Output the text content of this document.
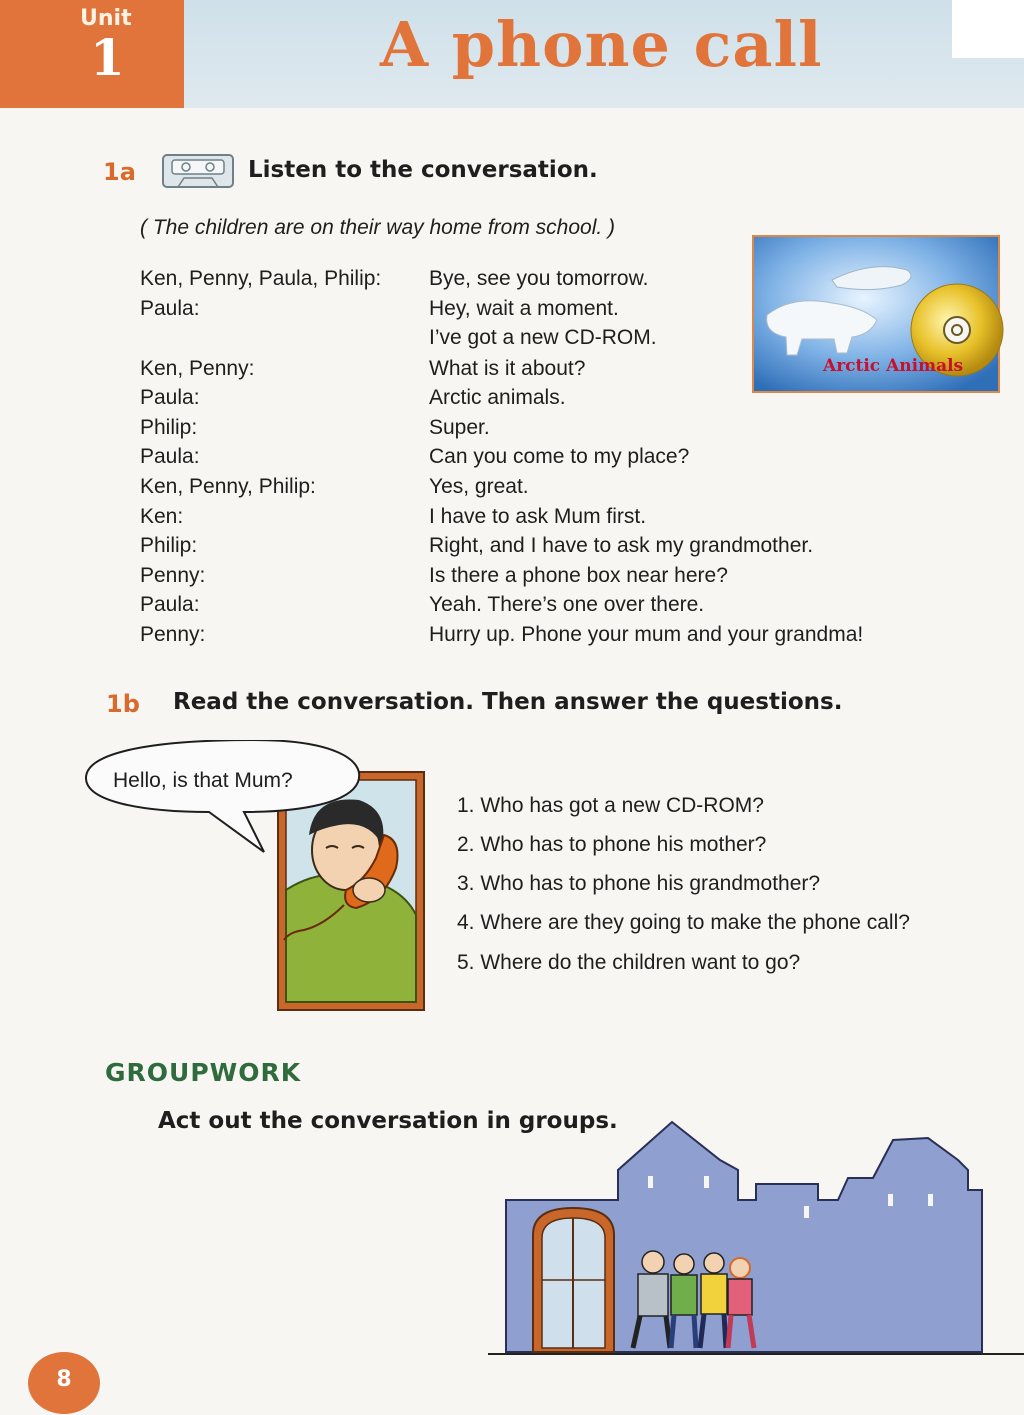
Unit
1	A phone call
1a	Listen to the conversation.
( The children are on their way home from school. )
Arctic Animals
Ken, Penny, Paula, Philip: Bye, see you tomorrow.
Paula:	Hey, wait a moment.
I’ve got a new CD-ROM.
Ken, Penny:	What is it about?
Paula:	Arctic animals.
Philip:	Super.
Paula:	Can you come to my place?
Ken, Penny, Philip:	Yes, great.
Ken:	I have to ask Mum first.
Philip:	Right, and I have to ask my grandmother.
Penny:	Is there a phone box near here?
Paula:	Yeah. There’s one over there.
Penny:	Hurry up. Phone your mum and your grandma!
1b Read the conversation. Then answer the questions.
Hello, is that Mum?
1. Who has got a new CD-ROM?
2. Who has to phone his mother?
3. Who has to phone his grandmother?
4. Where are they going to make the phone call?
5. Where do the children want to go?
GROUPWORK
Act out the conversation in groups.
8
